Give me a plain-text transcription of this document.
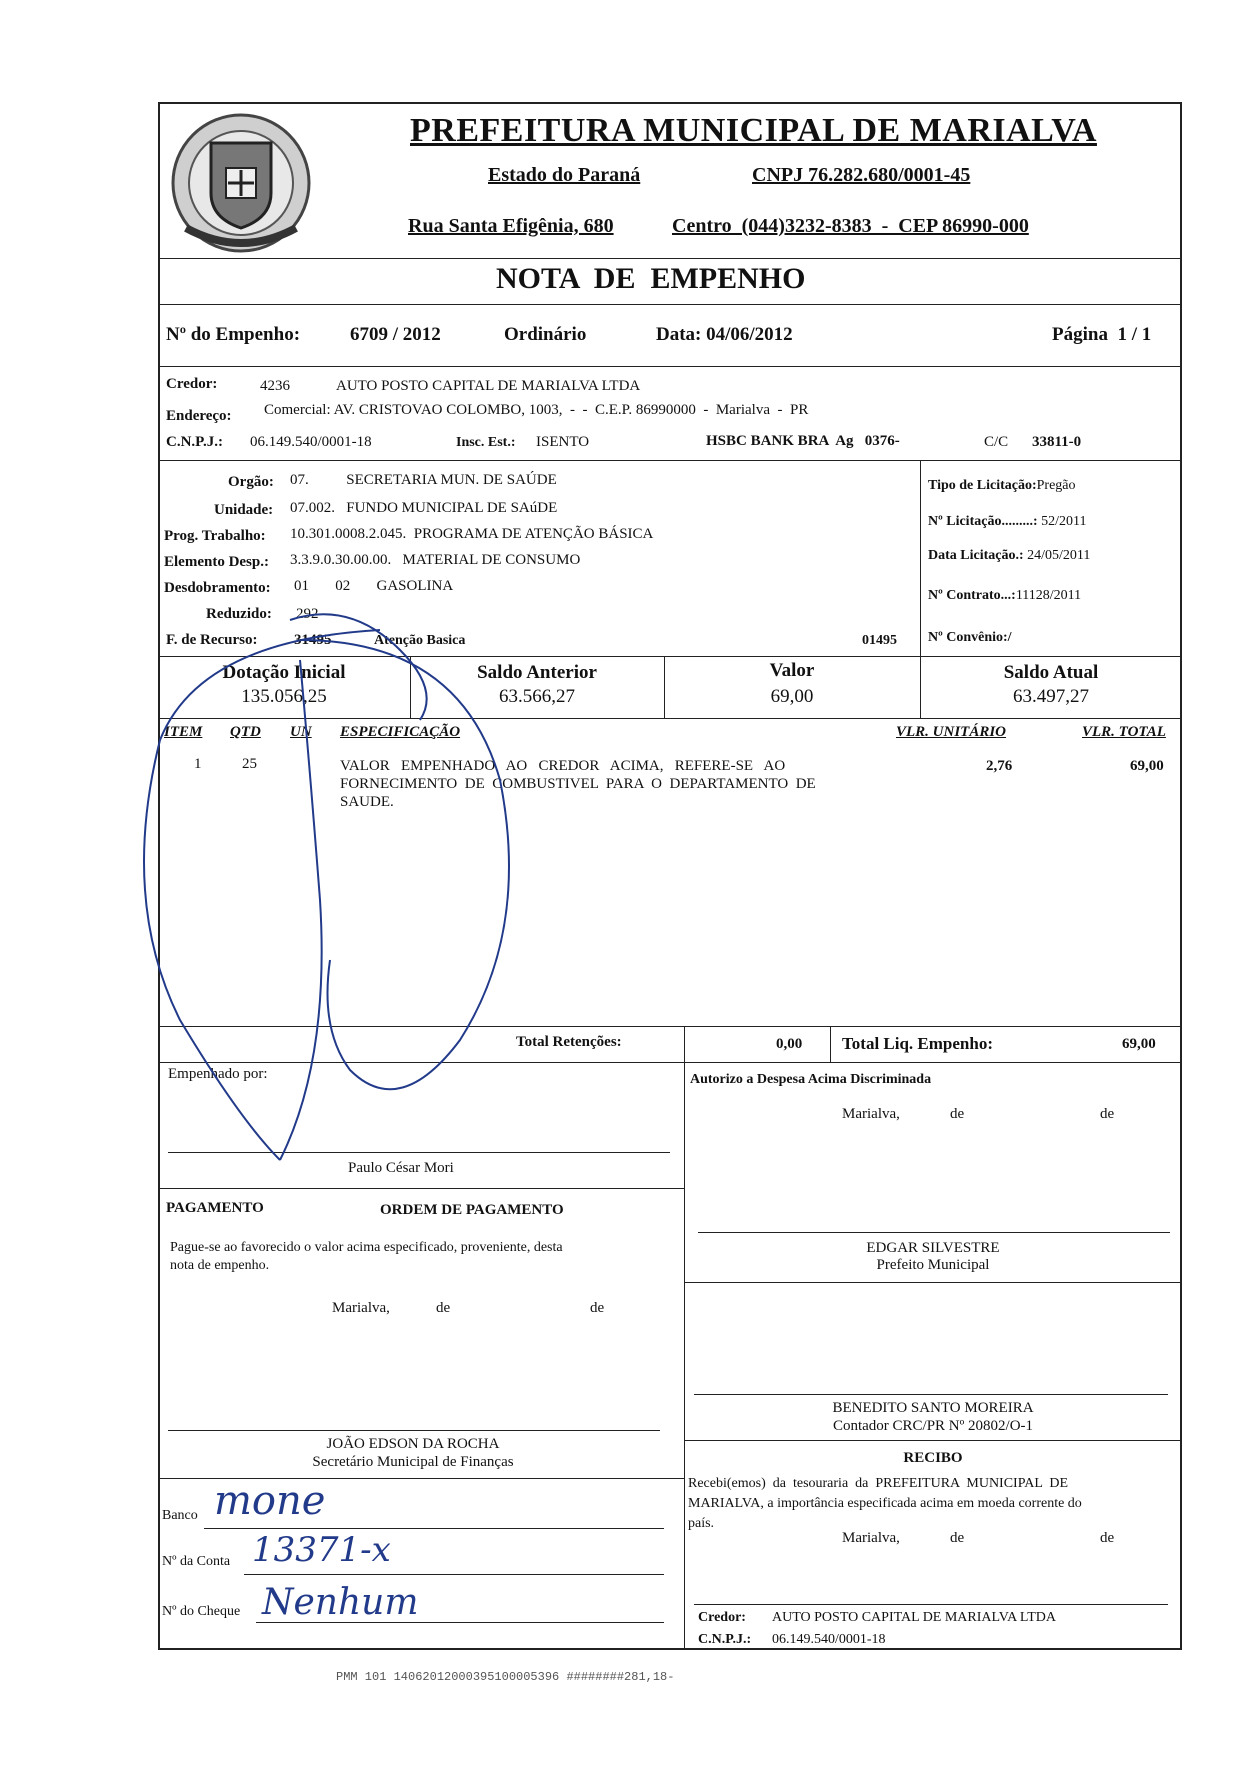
PREFEITURA MUNICIPAL DE MARIALVA
Estado do Paraná	CNPJ 76.282.680/0001-45
Rua Santa Efigênia, 680	Centro  (044)3232-8383  -  CEP 86990-000
NOTA  DE  EMPENHO
Nº do Empenho:	6709 / 2012	Ordinário	Data: 04/06/2012	Página  1 / 1
Credor:	4236	AUTO POSTO CAPITAL DE MARIALVA LTDA
Endereço: Comercial: AV. CRISTOVAO COLOMBO, 1003,  -  -  C.E.P. 86990000  -  Marialva  -  PR
C.N.P.J.: 06.149.540/0001-18	Insc. Est.: ISENTO	HSBC BANK BRA  Ag   0376-	C/C 33811-0
Orgão: 07.          SECRETARIA MUN. DE SAÚDE
Unidade: 07.002.   FUNDO MUNICIPAL DE SAúDE
Prog. Trabalho: 10.301.0008.2.045.  PROGRAMA DE ATENÇÃO BÁSICA
Elemento Desp.: 3.3.9.0.30.00.00.   MATERIAL DE CONSUMO
Desdobramento: 01       02       GASOLINA
Reduzido: 292
F. de Recurso: 31495	Atenção Basica	01495
Tipo de Licitação:Pregão
Nº Licitação.........: 52/2011
Data Licitação.: 24/05/2011
Nº Contrato...:11128/2011
Nº Convênio:/
Dotação Inicial
135.056,25
Saldo Anterior
63.566,27
Valor
69,00
Saldo Atual
63.497,27
ITEM QTD UN ESPECIFICAÇÃO	VLR. UNITÁRIO	VLR. TOTAL
1	25	VALOR   EMPENHADO   AO   CREDOR   ACIMA,   REFERE-SE   AO
FORNECIMENTO  DE  COMBUSTIVEL  PARA  O  DEPARTAMENTO  DE
SAUDE.
2,76	69,00
Total Retenções:	0,00 Total Liq. Empenho:	69,00
Empenhado por:
Paulo César Mori
Autorizo a Despesa Acima Discriminada
Marialva,	de	de
EDGAR SILVESTRE
Prefeito Municipal
PAGAMENTO	ORDEM DE PAGAMENTO
Pague-se ao favorecido o valor acima especificado, proveniente, desta
nota de empenho.
Marialva,	de	de
JOÃO EDSON DA ROCHA
Secretário Municipal de Finanças
BENEDITO SANTO MOREIRA
Contador CRC/PR Nº 20802/O-1
RECIBO
Recebi(emos)  da  tesouraria  da  PREFEITURA  MUNICIPAL  DE
MARIALVA, a importância especificada acima em moeda corrente do
país.
Marialva,	de	de
Credor: AUTO POSTO CAPITAL DE MARIALVA LTDA
C.N.P.J.: 06.149.540/0001-18
Banco mone
Nº da Conta 13371-x
Nº do Cheque Nenhum
PMM 101 14062012000395100005396 ########281,18-
